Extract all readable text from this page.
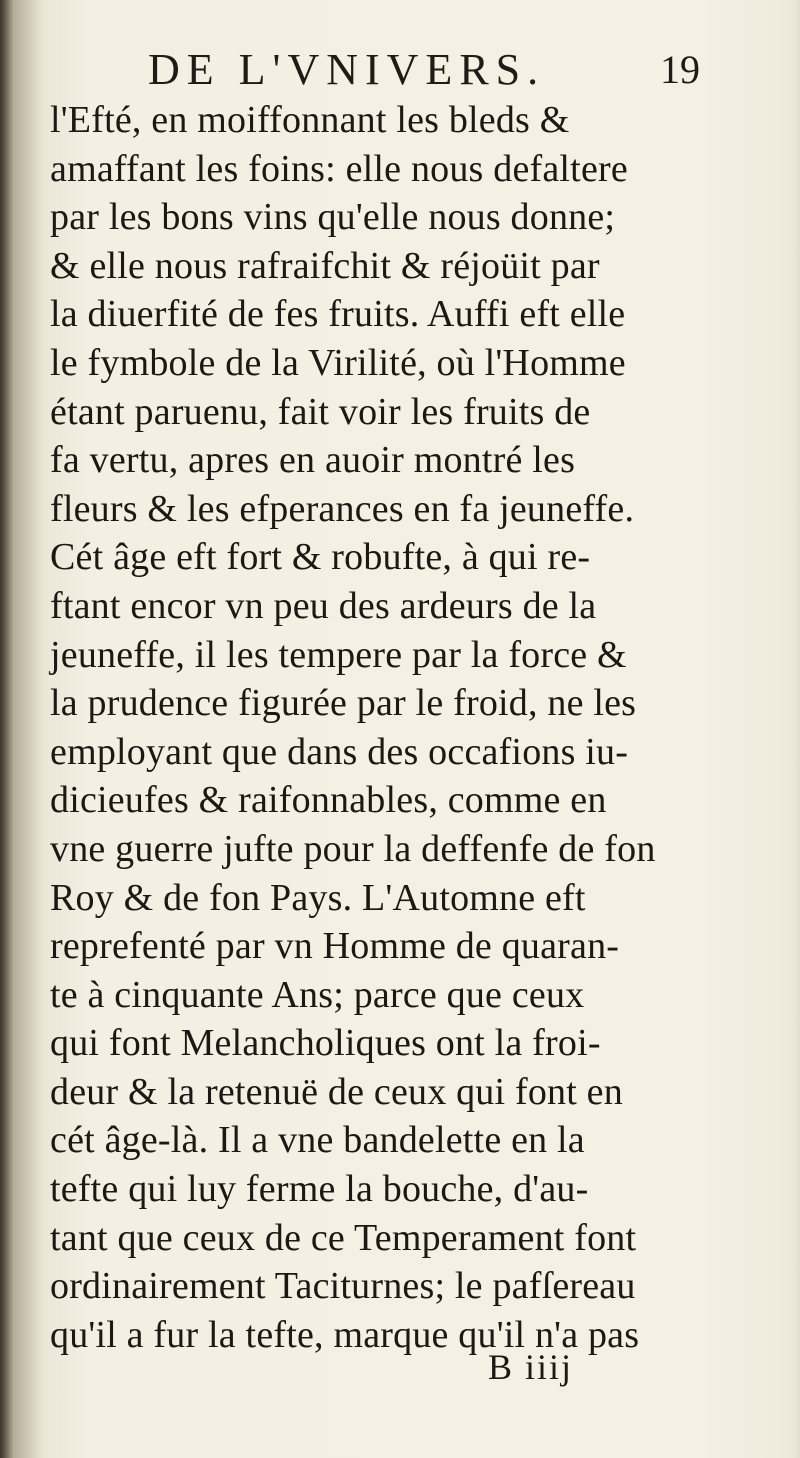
DE L'VNIVERS.	19
l'Efté, en moiffonnant les bleds &
amaffant les foins: elle nous defaltere
par les bons vins qu'elle nous donne;
& elle nous rafraifchit & réjoüit par
la diuerfité de fes fruits. Auffi eft elle
le fymbole de la Virilité, où l'Homme
étant paruenu, fait voir les fruits de
fa vertu, apres en auoir montré les
fleurs & les efperances en fa jeuneffe.
Cét âge eft fort & robufte, à qui re-
ftant encor vn peu des ardeurs de la
jeuneffe, il les tempere par la force &
la prudence figurée par le froid, ne les
employant que dans des occafions iu-
dicieufes & raifonnables, comme en
vne guerre jufte pour la deffenfe de fon
Roy & de fon Pays. L'Automne eft
reprefenté par vn Homme de quaran-
te à cinquante Ans; parce que ceux
qui font Melancholiques ont la froi-
deur & la retenuë de ceux qui font en
cét âge-là. Il a vne bandelette en la
tefte qui luy ferme la bouche, d'au-
tant que ceux de ce Temperament font
ordinairement Taciturnes; le pafſereau
qu'il a fur la tefte, marque qu'il n'a pas
B iiij
